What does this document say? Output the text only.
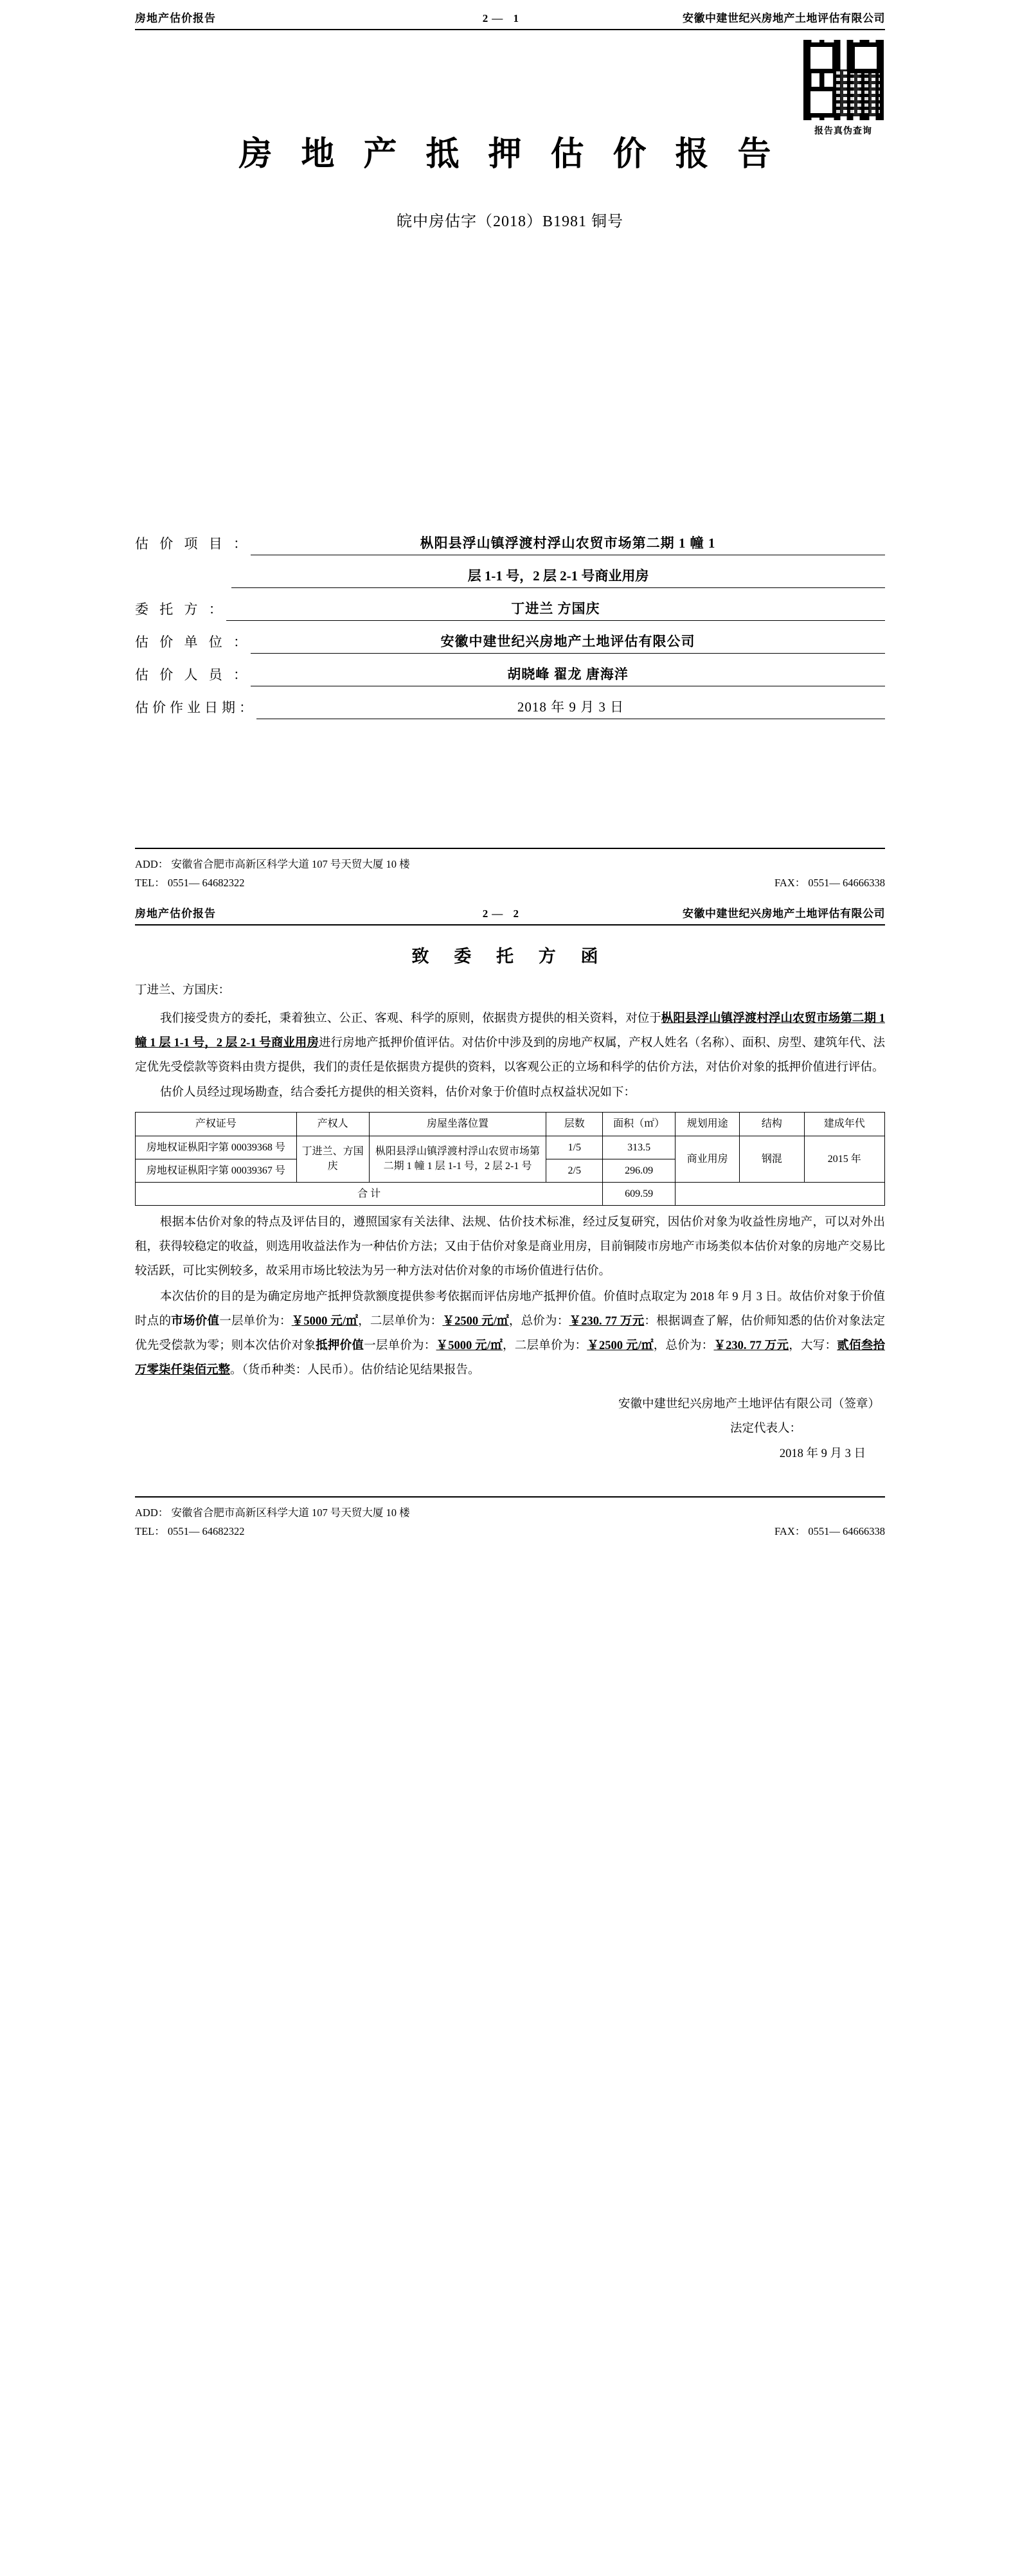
房地产估价报告	2— 1	安徽中建世纪兴房地产土地评估有限公司
报告真伪查询
房 地 产 抵 押 估 价 报 告
皖中房估字（2018）B1981 铜号
估 价 项 目 ：	枞阳县浮山镇浮渡村浮山农贸市场第二期 1 幢 1
层 1-1 号，2 层 2-1 号商业用房
委 托 方 ：	丁进兰 方国庆
估 价 单 位 ：	安徽中建世纪兴房地产土地评估有限公司
估 价 人 员 ：	胡晓峰 翟龙 唐海洋
估价作业日期：	2018 年 9 月 3 日
ADD： 安徽省合肥市高新区科学大道 107 号天贸大厦 10 楼
TEL： 0551— 64682322	FAX： 0551— 64666338
房地产估价报告	2— 2	安徽中建世纪兴房地产土地评估有限公司
致 委 托 方 函
丁进兰、方国庆：

我们接受贵方的委托，秉着独立、公正、客观、科学的原则，依据贵方提供的相关资料，对位于枞阳县浮山镇浮渡村浮山农贸市场第二期 1 幢 1 层 1-1 号，2 层 2-1 号商业用房进行房地产抵押价值评估。对估价中涉及到的房地产权属，产权人姓名（名称）、面积、房型、建筑年代、法定优先受偿款等资料由贵方提供，我们的责任是依据贵方提供的资料，以客观公正的立场和科学的估价方法，对估价对象的抵押价值进行评估。

估价人员经过现场勘查，结合委托方提供的相关资料，估价对象于价值时点权益状况如下：

产权证号	产权人	房屋坐落位置	层数	面积（㎡）	规划用途	结构	建成年代
房地权证枞阳字第 00039368 号	丁进兰、方国庆	枞阳县浮山镇浮渡村浮山农贸市场第二期 1 幢 1 层 1-1 号，2 层 2-1 号	1/5	313.5	商业用房	钢混	2015 年
房地权证枞阳字第 00039367 号			2/5	296.09			
合 计				609.59			

根据本估价对象的特点及评估目的，遵照国家有关法律、法规、估价技术标准，经过反复研究，因估价对象为收益性房地产，可以对外出租，获得较稳定的收益，则选用收益法作为一种估价方法；又由于估价对象是商业用房，目前铜陵市房地产市场类似本估价对象的房地产交易比较活跃，可比实例较多，故采用市场比较法为另一种方法对估价对象的市场价值进行估价。

本次估价的目的是为确定房地产抵押贷款额度提供参考依据而评估房地产抵押价值。价值时点取定为 2018 年 9 月 3 日。故估价对象于价值时点的市场价值一层单价为：￥5000 元/㎡，二层单价为：￥2500 元/㎡，总价为：￥230. 77 万元：根据调查了解，估价师知悉的估价对象法定优先受偿款为零；则本次估价对象抵押价值一层单价为：￥5000 元/㎡，二层单价为：￥2500 元/㎡，总价为：￥230. 77 万元，大写：贰佰叁拾万零柒仟柒佰元整。（货币种类：人民币）。估价结论见结果报告。

安徽中建世纪兴房地产土地评估有限公司（签章）
法定代表人：
2018 年 9 月 3 日
ADD： 安徽省合肥市高新区科学大道 107 号天贸大厦 10 楼
TEL： 0551— 64682322	FAX： 0551— 64666338
